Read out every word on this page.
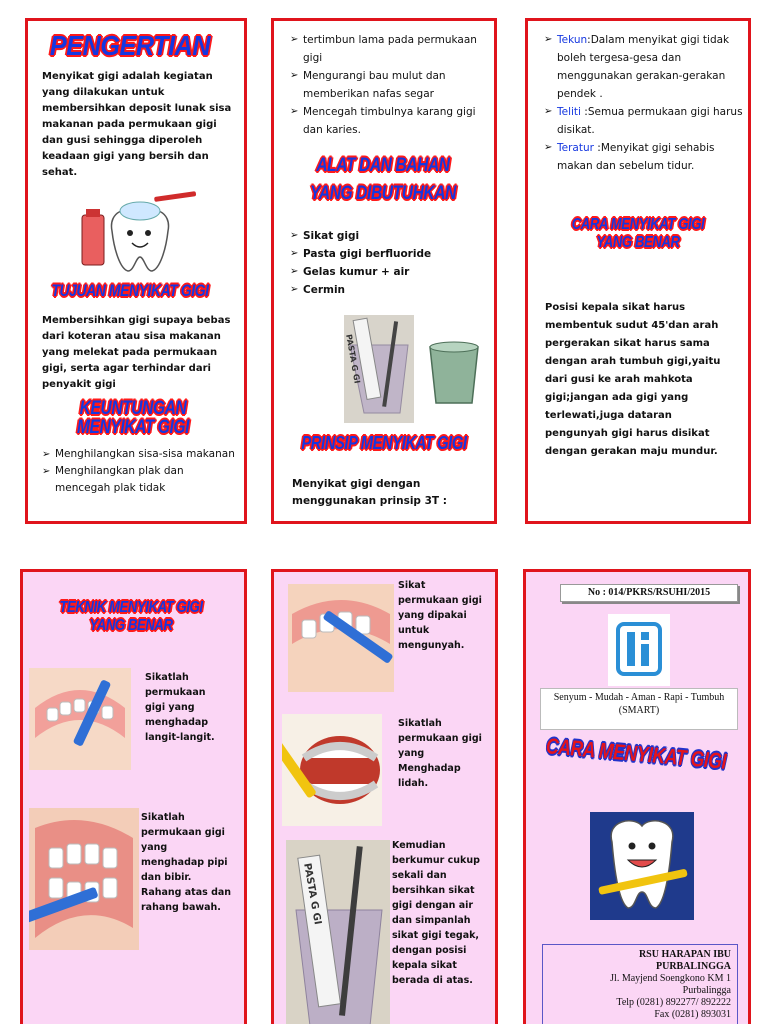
PENGERTIAN
Menyikat gigi adalah kegiatan yang dilakukan untuk membersihkan deposit lunak sisa makanan pada permukaan gigi dan gusi sehingga diperoleh keadaan gigi yang bersih dan sehat.
TUJUAN MENYIKAT GIGI
Membersihkan gigi supaya bebas dari koteran atau sisa makanan yang melekat pada permukaan gigi, serta agar terhindar dari penyakit gigi
KEUNTUNGAN
MENYIKAT GIGI
➢ Menghilangkan sisa-sisa makanan
➢ Menghilangkan plak dan mencegah plak tidak
➢ tertimbun lama pada permukaan gigi
➢ Mengurangi bau mulut dan memberikan nafas segar
➢ Mencegah timbulnya karang gigi dan karies.
ALAT DAN BAHAN
YANG DIBUTUHKAN
➢ Sikat gigi
➢ Pasta gigi berfluoride
➢ Gelas kumur + air
➢ Cermin
PASTA G GI
PRINSIP MENYIKAT GIGI
Menyikat gigi dengan menggunakan prinsip 3T :
➢ Tekun:Dalam menyikat gigi tidak boleh tergesa-gesa dan menggunakan gerakan-gerakan pendek .
➢ Teliti :Semua permukaan gigi harus disikat.
➢ Teratur :Menyikat gigi sehabis makan dan sebelum tidur.
CARA MENYIKAT GIGI
YANG BENAR
Posisi kepala sikat harus membentuk sudut 45'dan arah pergerakan sikat harus sama dengan arah tumbuh gigi,yaitu dari gusi ke arah mahkota gigi;jangan ada gigi yang terlewati,juga dataran pengunyah gigi harus disikat dengan gerakan maju mundur.
TEKNIK MENYIKAT GIGI
YANG BENAR
Sikatlah permukaan gigi yang menghadap langit-langit.
Sikatlah permukaan gigi yang menghadap pipi dan bibir. Rahang atas dan rahang bawah.
Sikat permukaan gigi yang dipakai untuk mengunyah.
Sikatlah permukaan gigi yang Menghadap lidah.
PASTA G GI
Kemudian berkumur cukup sekali dan bersihkan sikat gigi dengan air dan simpanlah sikat gigi tegak, dengan posisi kepala sikat berada di atas.
No : 014/PKRS/RSUHI/2015
Senyum - Mudah - Aman - Rapi - Tumbuh
(SMART)
CARA MENYIKAT GIGI
RSU HARAPAN IBU
PURBALINGGA
Jl. Mayjend Soengkono KM 1
Purbalingga
Telp (0281) 892277/ 892222
Fax (0281) 893031
